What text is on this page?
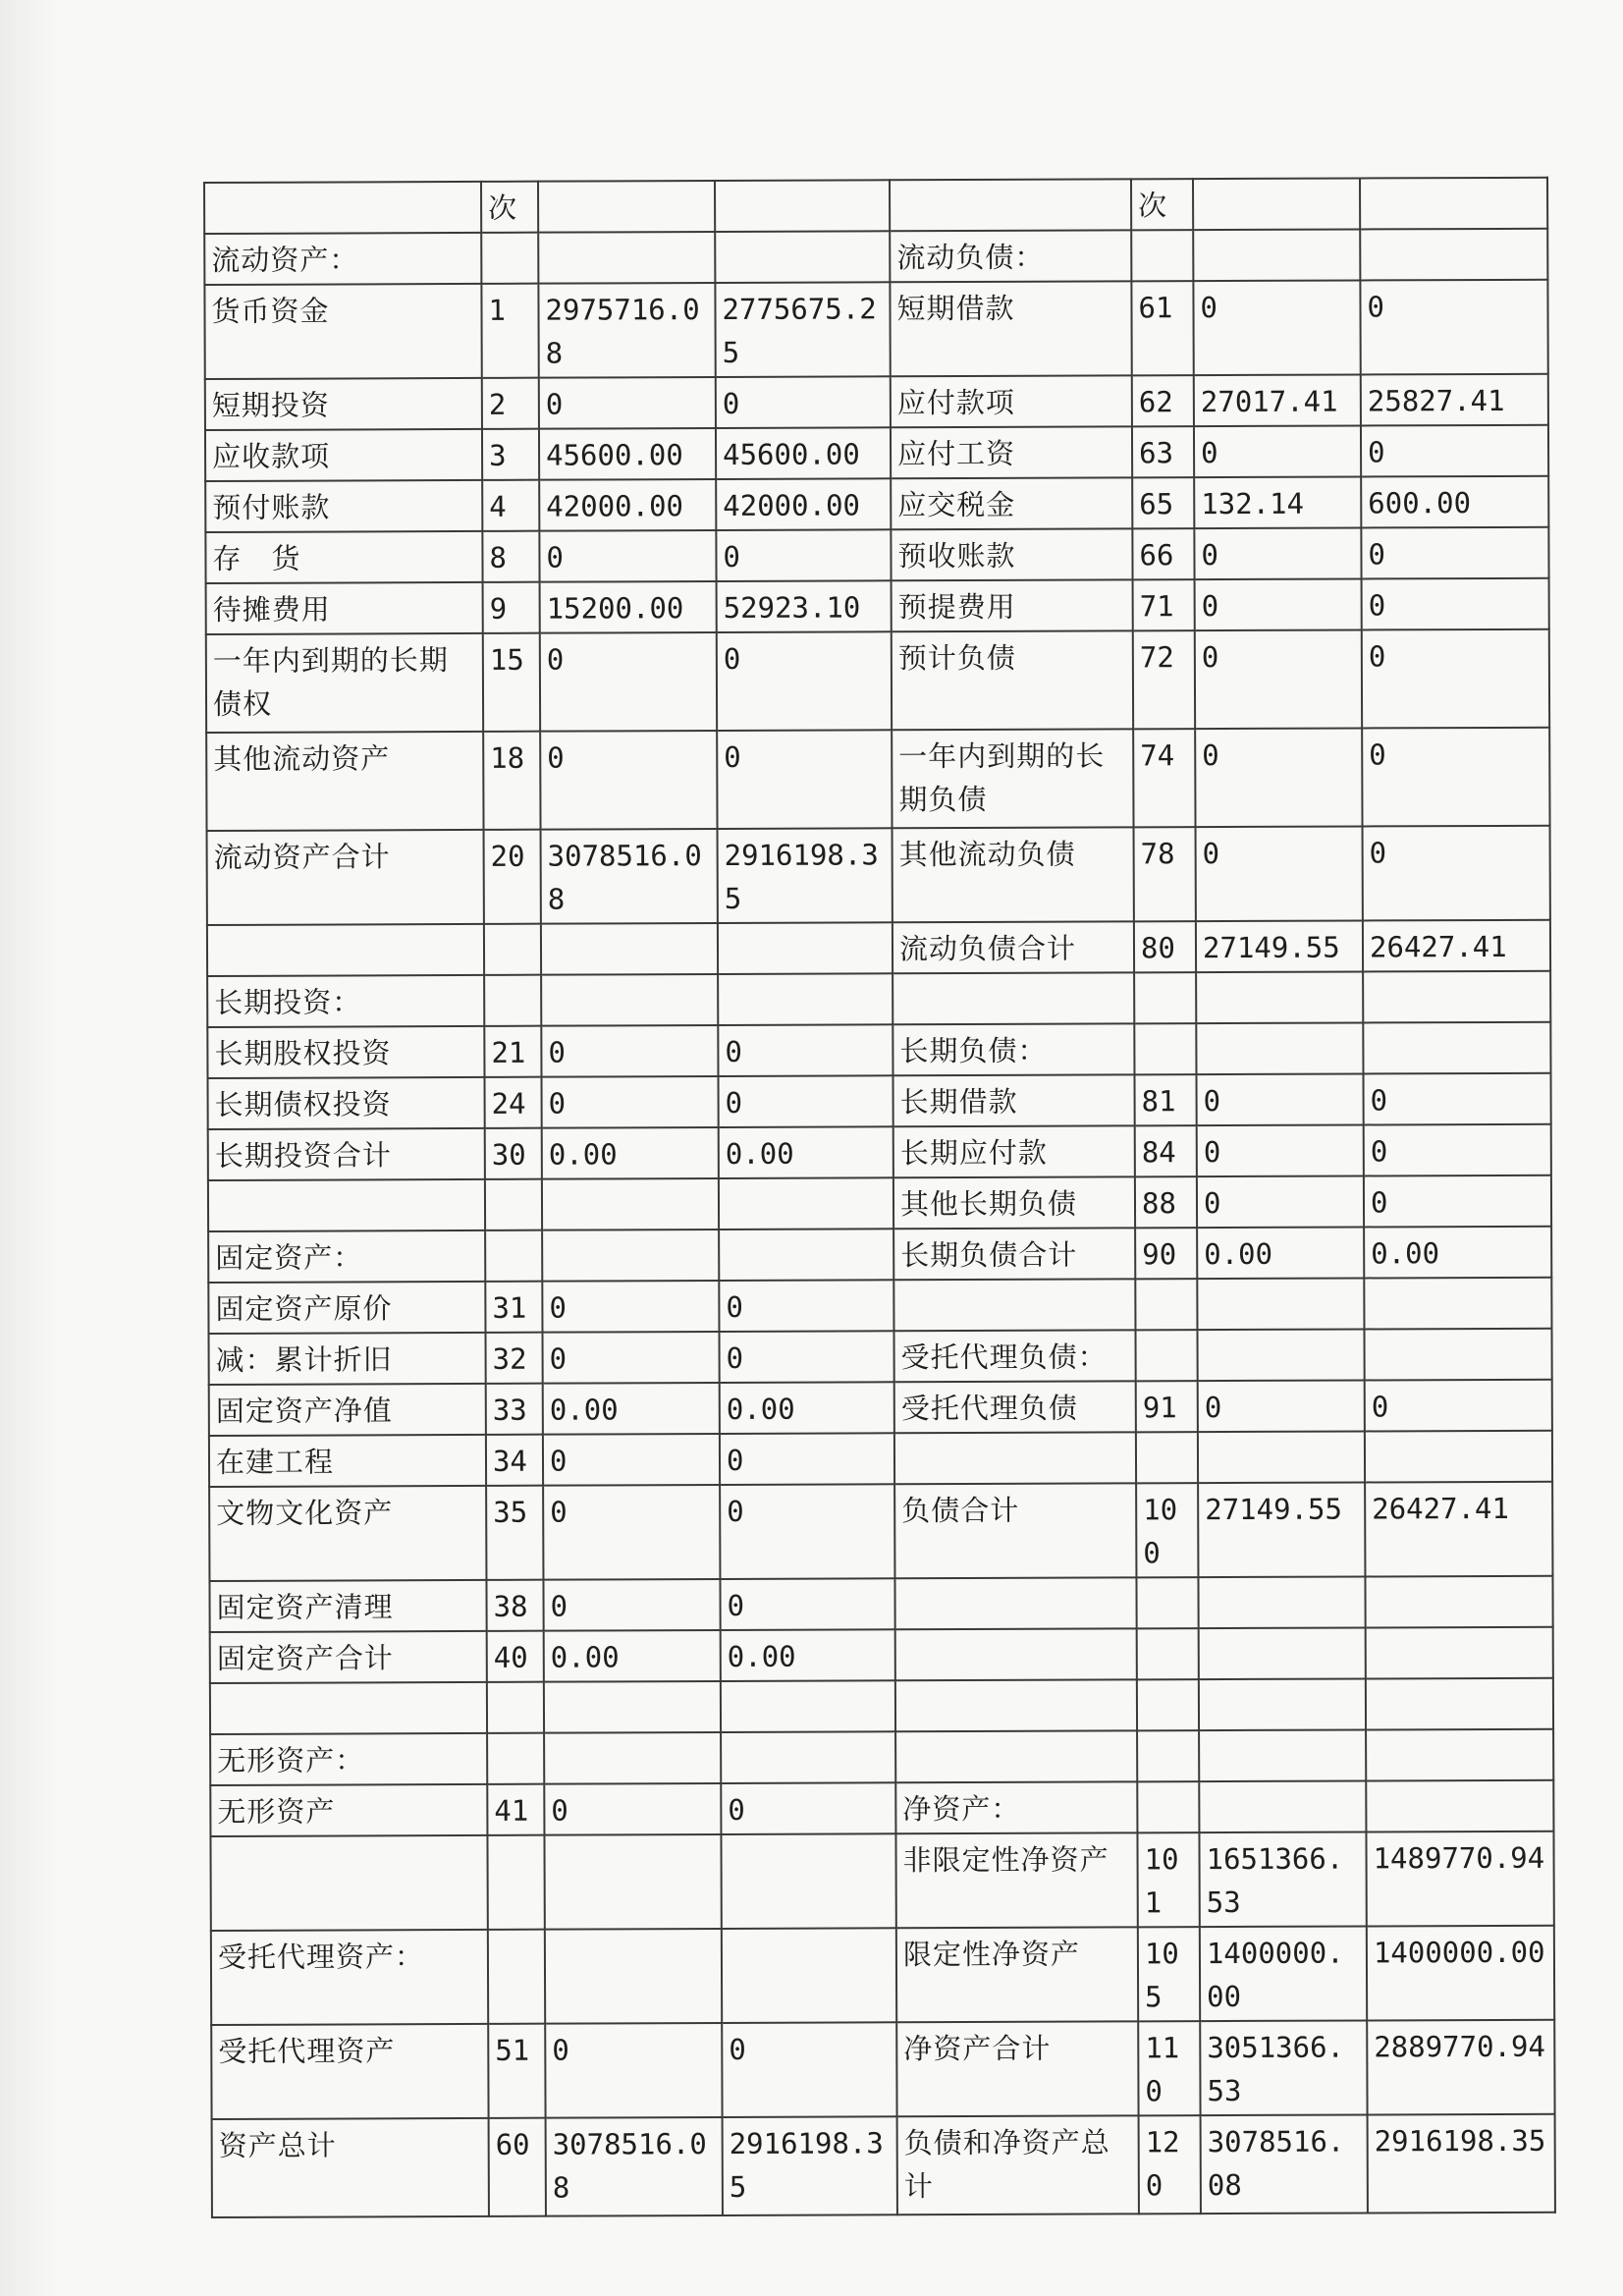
	次				次		
流动资产：				流动负债：			
货币资金	1	2975716.08	2775675.25	短期借款	61	0	0
短期投资	2	0	0	应付款项	62	27017.41	25827.41
应收款项	3	45600.00	45600.00	应付工资	63	0	0
预付账款	4	42000.00	42000.00	应交税金	65	132.14	600.00
存　货	8	0	0	预收账款	66	0	0
待摊费用	9	15200.00	52923.10	预提费用	71	0	0
一年内到期的长期债权	15	0	0	预计负债	72	0	0
其他流动资产	18	0	0	一年内到期的长期负债	74	0	0
流动资产合计	20	3078516.08	2916198.35	其他流动负债	78	0	0
				流动负债合计	80	27149.55	26427.41
长期投资：							
长期股权投资	21	0	0	长期负债：			
长期债权投资	24	0	0	长期借款	81	0	0
长期投资合计	30	0.00	0.00	长期应付款	84	0	0
				其他长期负债	88	0	0
固定资产：				长期负债合计	90	0.00	0.00
固定资产原价	31	0	0				
减：累计折旧	32	0	0	受托代理负债：			
固定资产净值	33	0.00	0.00	受托代理负债	91	0	0
在建工程	34	0	0				
文物文化资产	35	0	0	负债合计	100	27149.55	26427.41
固定资产清理	38	0	0				
固定资产合计	40	0.00	0.00				

无形资产：							
无形资产	41	0	0	净资产：			
				非限定性净资产	101	1651366.53	1489770.94
受托代理资产：				限定性净资产	105	1400000.00	1400000.00
受托代理资产	51	0	0	净资产合计	110	3051366.53	2889770.94
资产总计	60	3078516.08	2916198.35	负债和净资产总计	120	3078516.08	2916198.35
